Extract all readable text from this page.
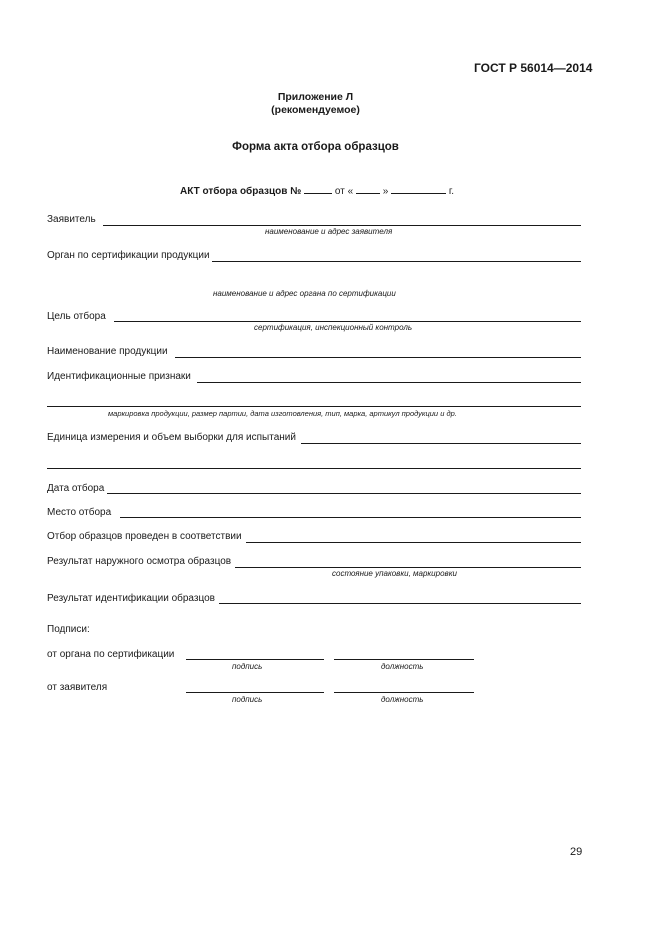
ГОСТ Р 56014—2014
Приложение Л
(рекомендуемое)
Форма акта отбора образцов
АКТ отбора образцов №	от «	»	г.
Заявитель
наименование и адрес заявителя
Орган по сертификации продукции
наименование и адрес органа по сертификации
Цель отбора
сертификация, инспекционный контроль
Наименование продукции
Идентификационные признаки
маркировка продукции, размер партии, дата изготовления, тип, марка, артикул продукции и др.
Единица измерения и объем выборки для испытаний
Дата отбора
Место отбора
Отбор образцов проведен в соответствии
Результат наружного осмотра образцов
состояние упаковки, маркировки
Результат идентификации образцов
Подписи:
от органа по сертификации
подпись	должность
от заявителя
подпись	должность
29
